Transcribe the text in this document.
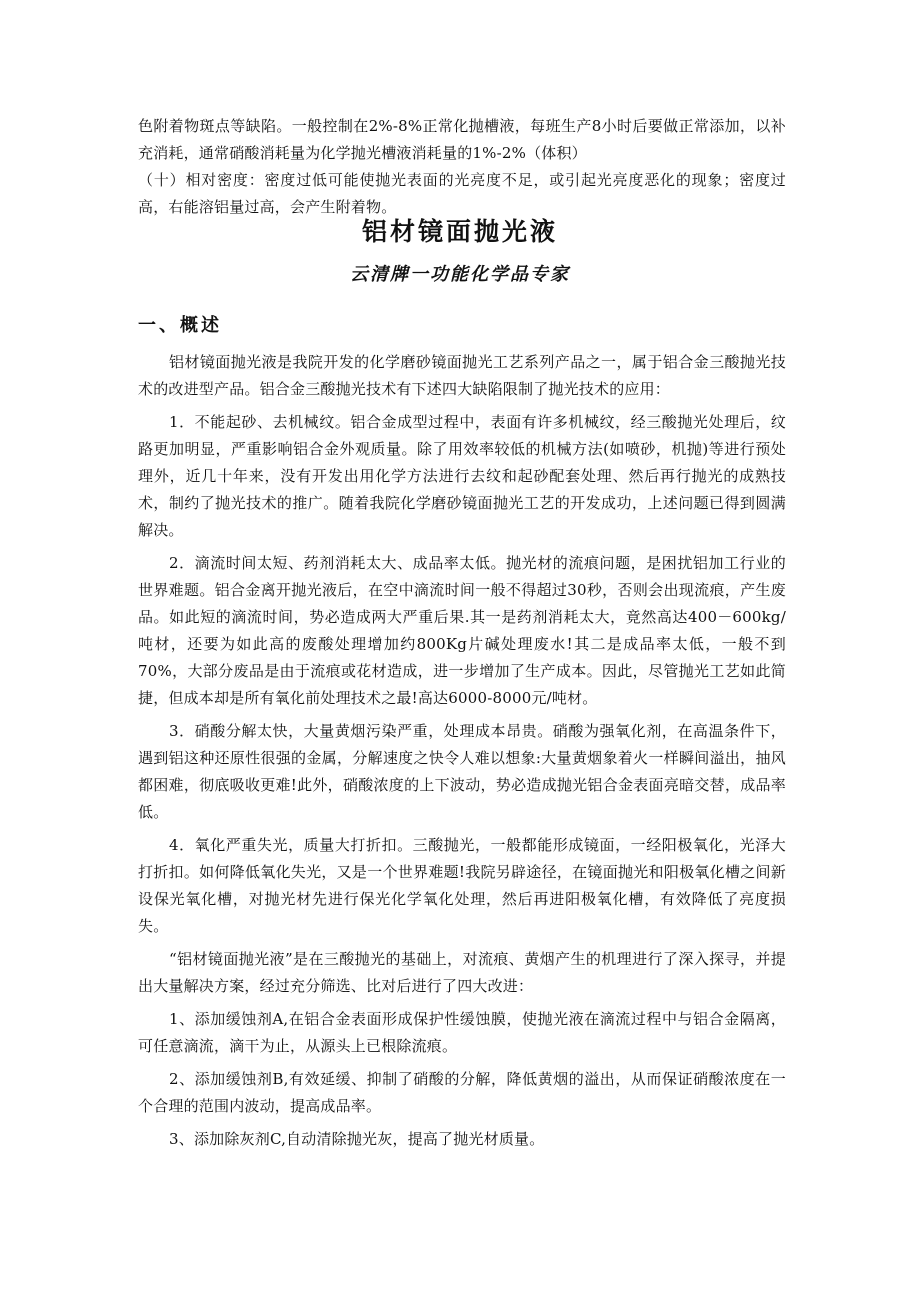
色附着物斑点等缺陷。一般控制在2%-8%正常化抛槽液，每班生产8小时后要做正常添加，以补充消耗，通常硝酸消耗量为化学抛光槽液消耗量的1%-2%（体积）

（十）相对密度：密度过低可能使抛光表面的光亮度不足，或引起光亮度恶化的现象；密度过高，右能溶铝量过高，会产生附着物。

铝材镜面抛光液
云清牌一功能化学品专家
一、概述

铝材镜面抛光液是我院开发的化学磨砂镜面抛光工艺系列产品之一，属于铝合金三酸抛光技术的改进型产品。铝合金三酸抛光技术有下述四大缺陷限制了抛光技术的应用：

1．不能起砂、去机械纹。铝合金成型过程中，表面有许多机械纹，经三酸抛光处理后，纹路更加明显，严重影响铝合金外观质量。除了用效率较低的机械方法(如喷砂，机抛)等进行预处理外，近几十年来，没有开发出用化学方法进行去纹和起砂配套处理、然后再行抛光的成熟技术，制约了抛光技术的推广。随着我院化学磨砂镜面抛光工艺的开发成功，上述问题已得到圆满解决。

2．滴流时间太短、药剂消耗太大、成品率太低。抛光材的流痕问题，是困扰铝加工行业的世界难题。铝合金离开抛光液后，在空中滴流时间一般不得超过30秒，否则会出现流痕，产生废品。如此短的滴流时间，势必造成两大严重后果.其一是药剂消耗太大，竟然高达400－600kg/吨材，还要为如此高的废酸处理增加约800Kg片碱处理废水!其二是成品率太低，一般不到70%，大部分废品是由于流痕或花材造成，进一步增加了生产成本。因此，尽管抛光工艺如此简捷，但成本却是所有氧化前处理技术之最!高达6000-8000元/吨材。

3．硝酸分解太快，大量黄烟污染严重，处理成本昂贵。硝酸为强氧化剂，在高温条件下，遇到铝这种还原性很强的金属，分解速度之快令人难以想象:大量黄烟象着火一样瞬间溢出，抽风都困难，彻底吸收更难!此外，硝酸浓度的上下波动，势必造成抛光铝合金表面亮暗交替，成品率低。

4．氧化严重失光，质量大打折扣。三酸抛光，一般都能形成镜面，一经阳极氧化，光泽大打折扣。如何降低氧化失光，又是一个世界难题!我院另辟途径，在镜面抛光和阳极氧化槽之间新设保光氧化槽，对抛光材先进行保光化学氧化处理，然后再进阳极氧化槽，有效降低了亮度损失。

“铝材镜面抛光液”是在三酸抛光的基础上，对流痕、黄烟产生的机理进行了深入探寻，并提出大量解决方案，经过充分筛选、比对后进行了四大改进：

1、添加缓蚀剂A,在铝合金表面形成保护性缓蚀膜，使抛光液在滴流过程中与铝合金隔离，可任意滴流，滴干为止，从源头上已根除流痕。

2、添加缓蚀剂B,有效延缓、抑制了硝酸的分解，降低黄烟的溢出，从而保证硝酸浓度在一个合理的范围内波动，提高成品率。

3、添加除灰剂C,自动清除抛光灰，提高了抛光材质量。
